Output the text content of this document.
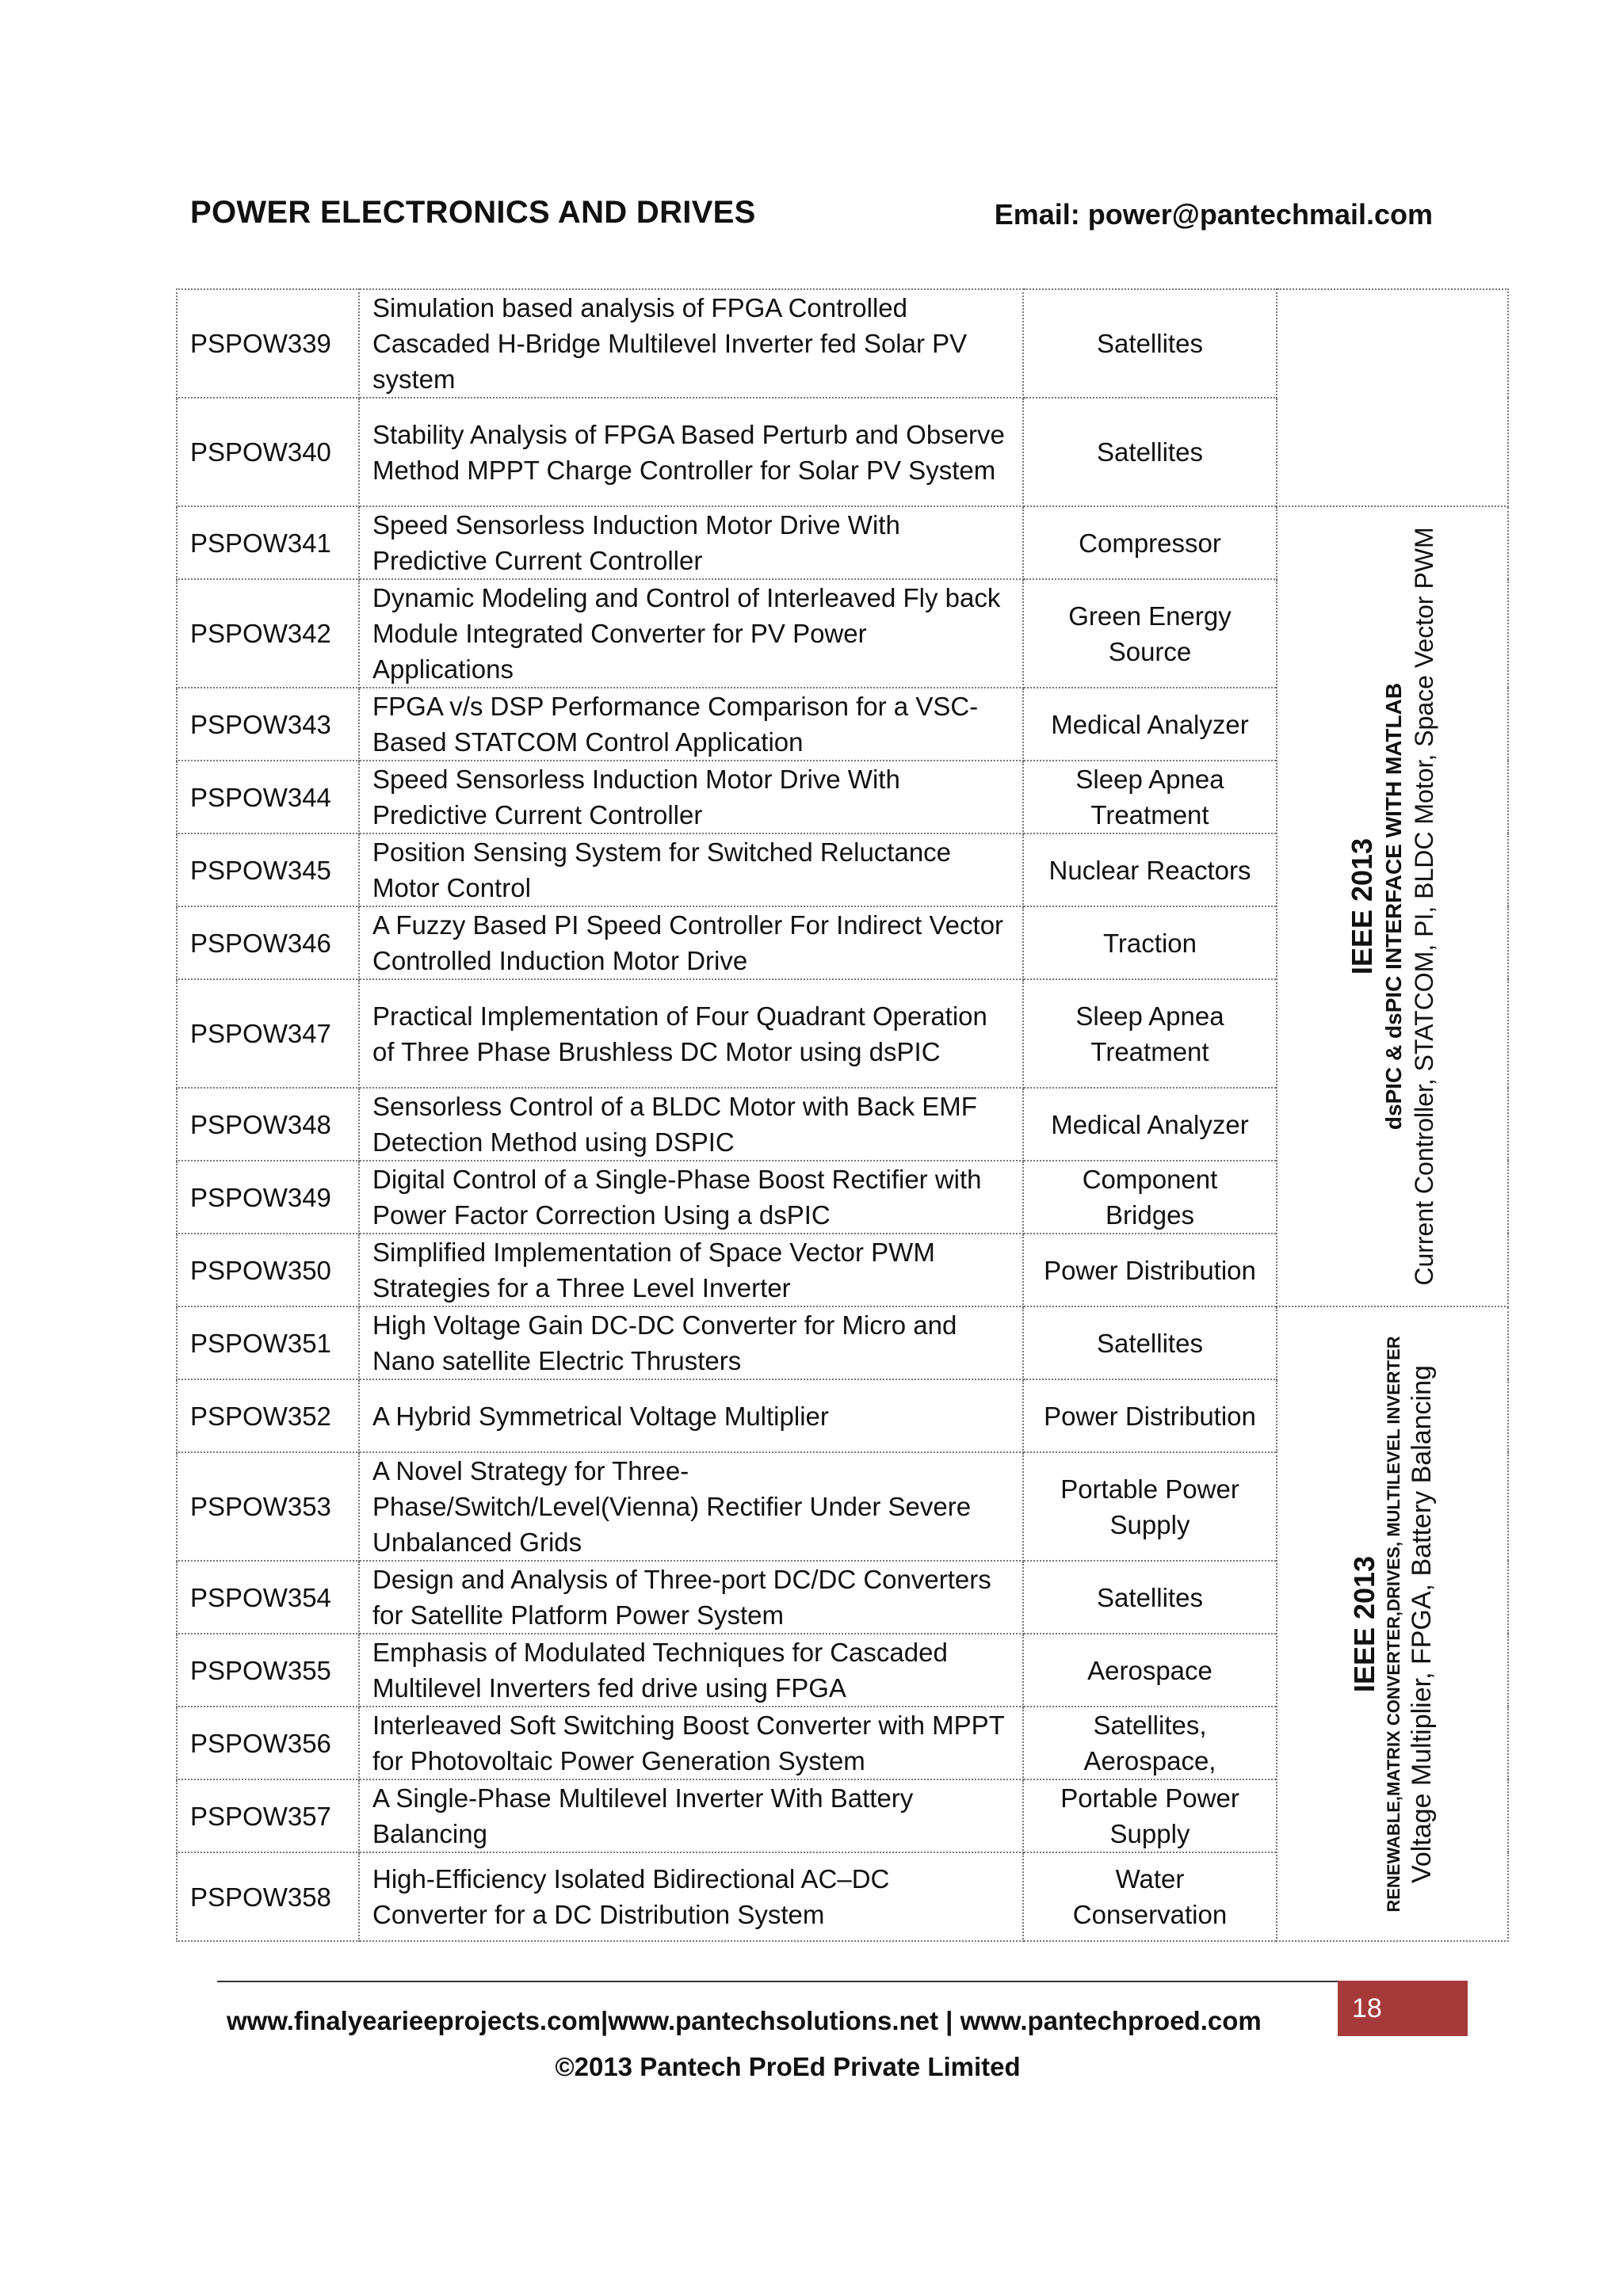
POWER ELECTRONICS AND DRIVES	Email: power@pantechmail.com
PSPOW339	Simulation based analysis of FPGA Controlled Cascaded H-Bridge Multilevel Inverter fed Solar PV system	Satellites	
PSPOW340	Stability Analysis of FPGA Based Perturb and Observe Method MPPT Charge Controller for Solar PV System	Satellites	
PSPOW341	Speed Sensorless Induction Motor Drive With Predictive Current Controller	Compressor	IEEE 2013 dsPIC & dsPIC INTERFACE WITH MATLAB Current Controller, STATCOM, PI, BLDC Motor, Space Vector PWM

PSPOW342	Dynamic Modeling and Control of Interleaved Fly back Module Integrated Converter for PV Power Applications	Green Energy Source	
PSPOW343	FPGA v/s DSP Performance Comparison for a VSC-Based STATCOM Control Application	Medical Analyzer	
PSPOW344	Speed Sensorless Induction Motor Drive With Predictive Current Controller	Sleep Apnea Treatment	
PSPOW345	Position Sensing System for Switched Reluctance Motor Control	Nuclear Reactors	
PSPOW346	A Fuzzy Based PI Speed Controller For Indirect Vector Controlled Induction Motor Drive	Traction	
PSPOW347	Practical Implementation of Four Quadrant Operation of Three Phase Brushless DC Motor using dsPIC	Sleep Apnea Treatment	
PSPOW348	Sensorless Control of a BLDC Motor with Back EMF Detection Method using DSPIC	Medical Analyzer	
PSPOW349	Digital Control of a Single-Phase Boost Rectifier with Power Factor Correction Using a dsPIC	Component Bridges	
PSPOW350	Simplified Implementation of Space Vector PWM Strategies for a Three Level Inverter	Power Distribution	
PSPOW351	High Voltage Gain DC-DC Converter for Micro and Nano satellite Electric Thrusters	Satellites	IEEE 2013 RENEWABLE,MATRIX CONVERTER,DRIVES, MULTILEVEL INVERTER Voltage Multiplier, FPGA, Battery Balancing

PSPOW352	A Hybrid Symmetrical Voltage Multiplier	Power Distribution	
PSPOW353	A Novel Strategy for Three-Phase/Switch/Level(Vienna) Rectifier Under Severe Unbalanced Grids	Portable Power Supply	
PSPOW354	Design and Analysis of Three-port DC/DC Converters for Satellite Platform Power System	Satellites	
PSPOW355	Emphasis of Modulated Techniques for Cascaded Multilevel Inverters fed drive using FPGA	Aerospace	
PSPOW356	Interleaved Soft Switching Boost Converter with MPPT for Photovoltaic Power Generation System	Satellites, Aerospace,	
PSPOW357	A Single-Phase Multilevel Inverter With Battery Balancing	Portable Power Supply	
PSPOW358	High-Efficiency Isolated Bidirectional AC–DC Converter for a DC Distribution System	Water Conservation	
www.finalyearieeprojects.com|www.pantechsolutions.net | www.pantechproed.com	18
©2013 Pantech ProEd Private Limited
